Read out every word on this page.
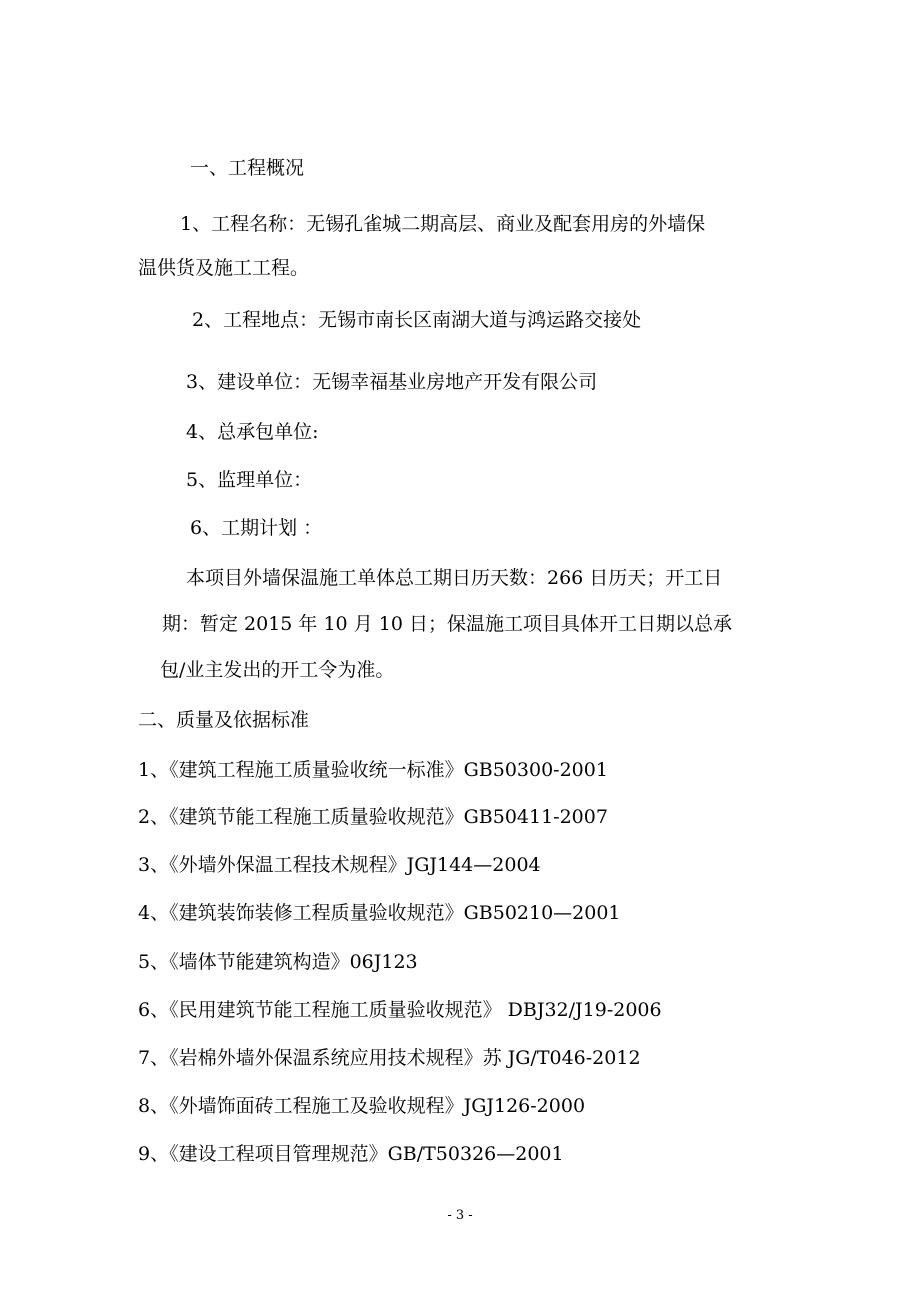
一、工程概况
1、工程名称：无锡孔雀城二期高层、商业及配套用房的外墙保
温供货及施工工程。
2、工程地点：无锡市南长区南湖大道与鸿运路交接处
3、建设单位：无锡幸福基业房地产开发有限公司
4、总承包单位:
5、监理单位：
6、工期计划 ：
本项目外墙保温施工单体总工期日历天数：266 日历天；开工日
期：暂定 2015 年 10 月 10 日；保温施工项目具体开工日期以总承
包/业主发出的开工令为准。
二、质量及依据标准
1、《建筑工程施工质量验收统一标准》GB50300-2001
2、《建筑节能工程施工质量验收规范》GB50411-2007
3、《外墙外保温工程技术规程》JGJ144—2004
4、《建筑装饰装修工程质量验收规范》GB50210—2001
5、《墙体节能建筑构造》06J123
6、《民用建筑节能工程施工质量验收规范》 DBJ32/J19-2006
7、《岩棉外墙外保温系统应用技术规程》苏 JG/T046-2012
8、《外墙饰面砖工程施工及验收规程》JGJ126-2000
9、《建设工程项目管理规范》GB/T50326—2001
- 3 -
